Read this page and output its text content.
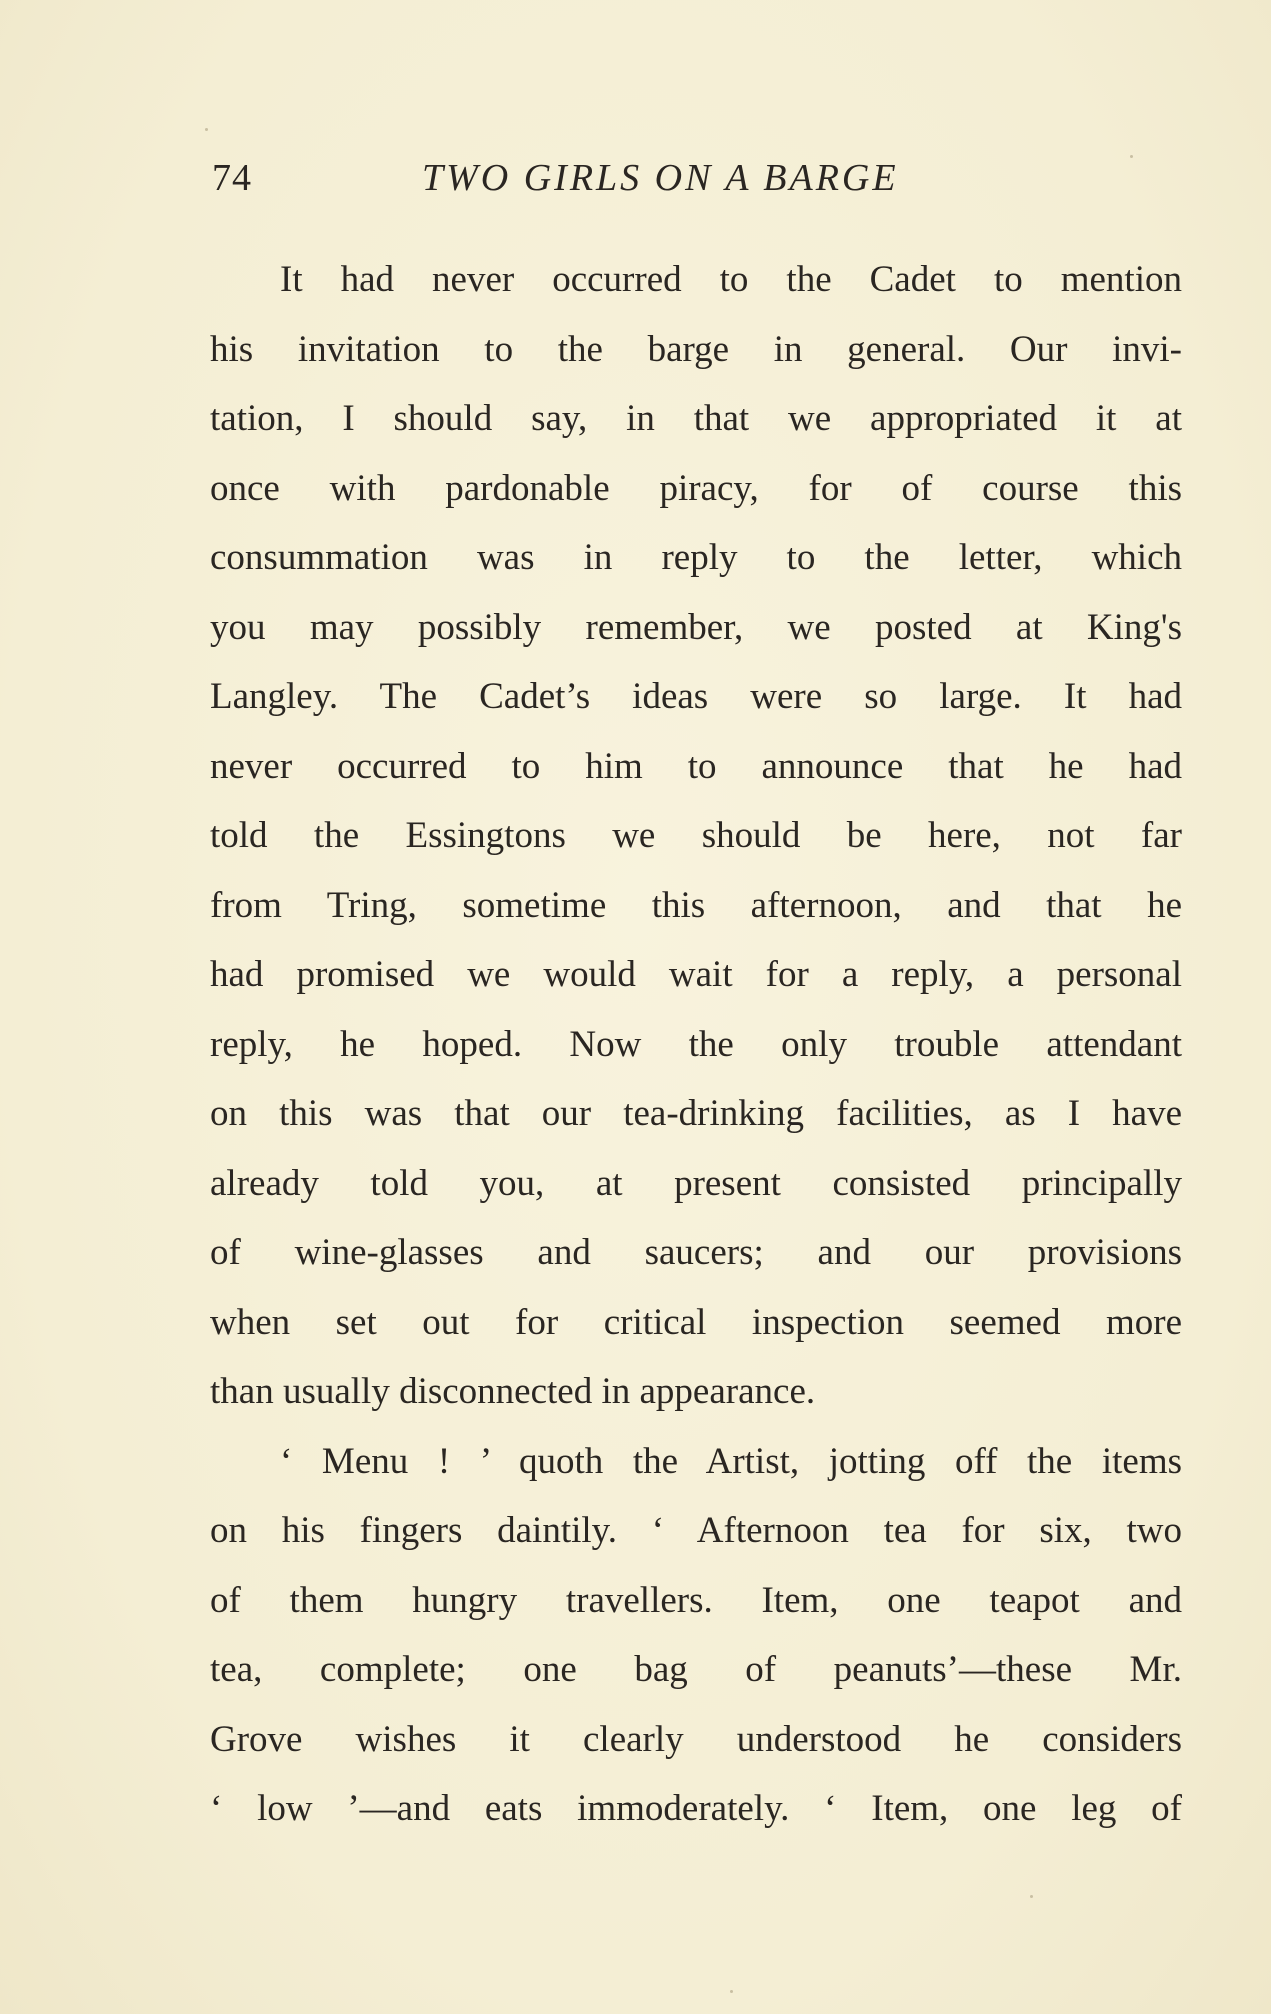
74	TWO GIRLS ON A BARGE
It had never occurred to the Cadet to mention
his invitation to the barge in general. Our invi-
tation, I should say, in that we appropriated it at
once with pardonable piracy, for of course this
consummation was in reply to the letter, which
you may possibly remember, we posted at King's
Langley. The Cadet’s ideas were so large. It had
never occurred to him to announce that he had
told the Essingtons we should be here, not far
from Tring, sometime this afternoon, and that he
had promised we would wait for a reply, a personal
reply, he hoped. Now the only trouble attendant
on this was that our tea-drinking facilities, as I have
already told you, at present consisted principally
of wine-glasses and saucers; and our provisions
when set out for critical inspection seemed more
than usually disconnected in appearance.
‘ Menu ! ’ quoth the Artist, jotting off the items
on his fingers daintily. ‘ Afternoon tea for six, two
of them hungry travellers. Item, one teapot and
tea, complete; one bag of peanuts’—these Mr.
Grove wishes it clearly understood he considers
‘ low ’—and eats immoderately. ‘ Item, one leg of
